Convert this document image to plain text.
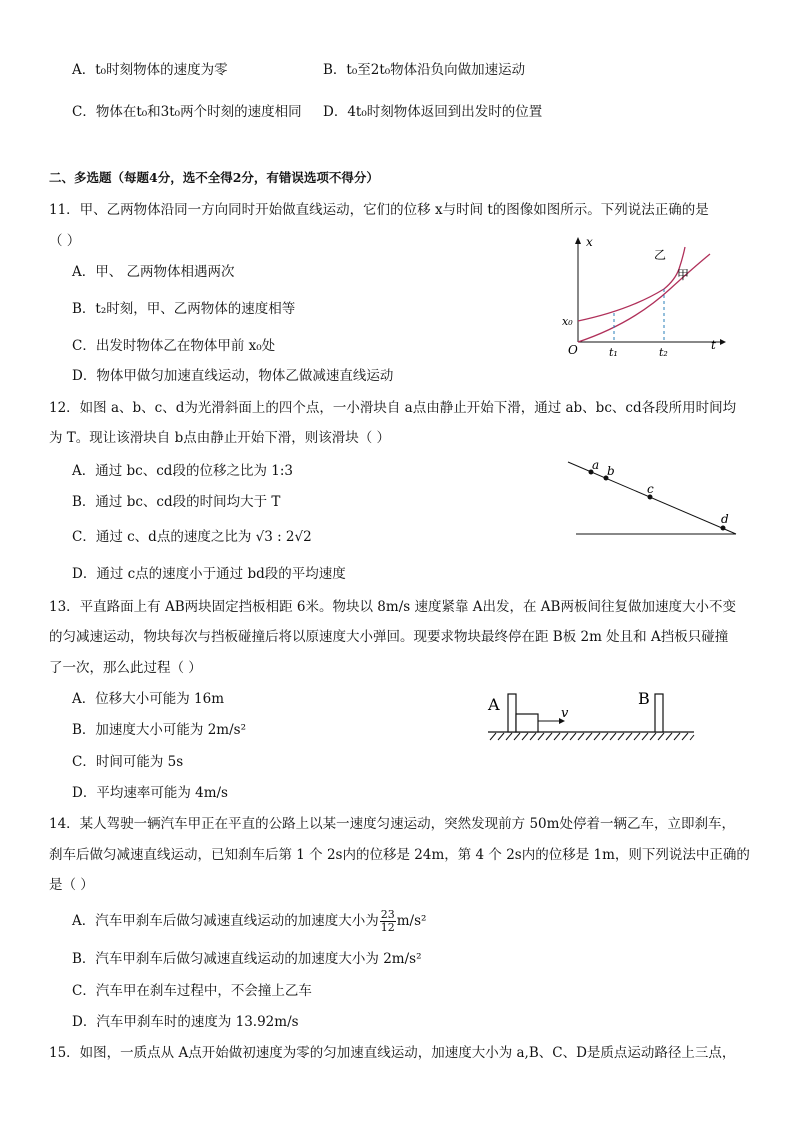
A．t₀时刻物体的速度为零	B．t₀至2t₀物体沿负向做加速运动
C．物体在t₀和3t₀两个时刻的速度相同 D．4t₀时刻物体返回到出发时的位置
二、多选题（每题4分，选不全得2分，有错误选项不得分）
11．甲、乙两物体沿同一方向同时开始做直线运动，它们的位移 x与时间 t的图像如图所示。下列说法正确的是
（ ）
A．甲、 乙两物体相遇两次
B．t₂时刻，甲、乙两物体的速度相等
C．出发时物体乙在物体甲前 x₀处
D．物体甲做匀加速直线运动，物体乙做减速直线运动
x
t
O
x₀
t₁	t₂
乙
甲
12．如图 a、b、c、d为光滑斜面上的四个点，一小滑块自 a点由静止开始下滑，通过 ab、bc、cd各段所用时间均
为 T。现让该滑块自 b点由静止开始下滑，则该滑块（ ）
A．通过 bc、cd段的位移之比为 1:3
B．通过 bc、cd段的时间均大于 T
C．通过 c、d点的速度之比为 √3 : 2√2
D．通过 c点的速度小于通过 bd段的平均速度
a b
c
d
13．平直路面上有 AB两块固定挡板相距 6米。物块以 8m/s 速度紧靠 A出发，在 AB两板间往复做加速度大小不变
的匀减速运动，物块每次与挡板碰撞后将以原速度大小弹回。现要求物块最终停在距 B板 2m 处且和 A挡板只碰撞
了一次，那么此过程（ ）
A．位移大小可能为 16m
B．加速度大小可能为 2m/s²
C．时间可能为 5s
D．平均速率可能为 4m/s
A	B
v
14．某人驾驶一辆汽车甲正在平直的公路上以某一速度匀速运动，突然发现前方 50m处停着一辆乙车，立即刹车，
刹车后做匀减速直线运动，已知刹车后第 1 个 2s内的位移是 24m，第 4 个 2s内的位移是 1m，则下列说法中正确的
是（ ）
A．汽车甲刹车后做匀减速直线运动的加速度大小为 $\frac{23}{12} m/s^2$
B．汽车甲刹车后做匀减速直线运动的加速度大小为 2m/s²
C．汽车甲在刹车过程中，不会撞上乙车
D．汽车甲刹车时的速度为 13.92m/s
15．如图，一质点从 A点开始做初速度为零的匀加速直线运动，加速度大小为 a,B、C、D是质点运动路径上三点，
